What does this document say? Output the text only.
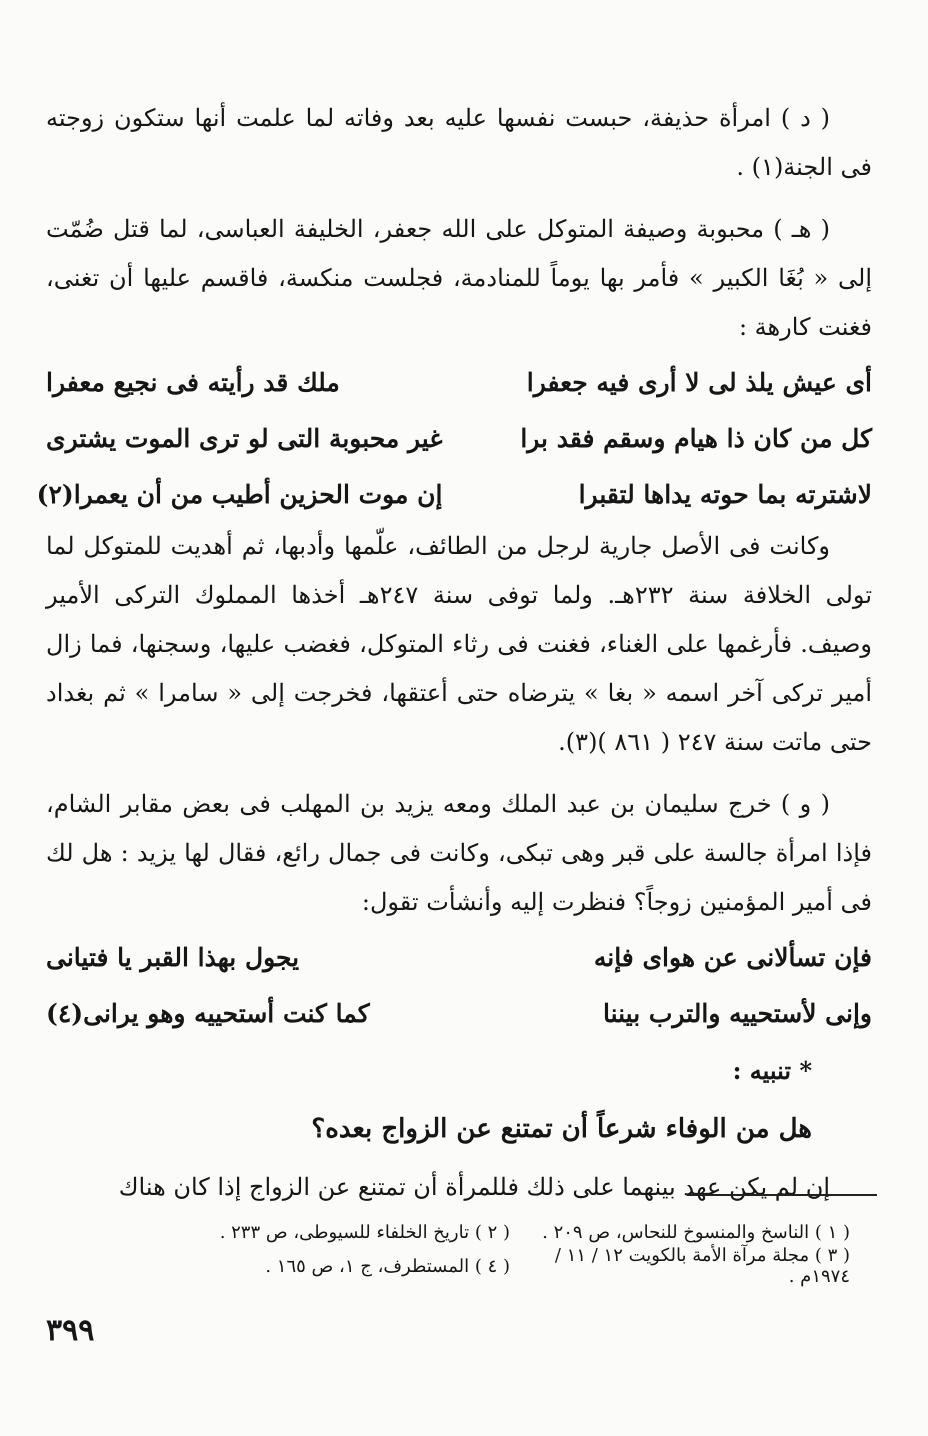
( د ) امرأة حذيفة، حبست نفسها عليه بعد وفاته لما علمت أنها ستكون زوجته فى الجنة(١) .

( هـ ) محبوبة وصيفة المتوكل على الله جعفر، الخليفة العباسى، لما قتل ضُمّت إلى « بُغَا الكبير » فأمر بها يوماً للمنادمة، فجلست منكسة، فاقسم عليها أن تغنى، فغنت كارهة :

أى عيش يلذ لى لا أرى فيه جعفرا
ملك قد رأيته فى نجيع معفرا
كل من كان ذا هيام وسقم فقد برا
غير محبوبة التى لو ترى الموت يشترى
لاشترته بما حوته يداها لتقبرا
إن موت الحزين أطيب من أن يعمرا(٢)

وكانت فى الأصل جارية لرجل من الطائف، علّمها وأدبها، ثم أهديت للمتوكل لما تولى الخلافة سنة ٢٣٢هـ. ولما توفى سنة ٢٤٧هـ أخذها المملوك التركى الأمير وصيف. فأرغمها على الغناء، فغنت فى رثاء المتوكل، فغضب عليها، وسجنها، فما زال أمير تركى آخر اسمه « بغا » يترضاه حتى أعتقها، فخرجت إلى « سامرا » ثم بغداد حتى ماتت سنة ٢٤٧ ( ٨٦١ )(٣).

( و ) خرج سليمان بن عبد الملك ومعه يزيد بن المهلب فى بعض مقابر الشام، فإذا امرأة جالسة على قبر وهى تبكى، وكانت فى جمال رائع، فقال لها يزيد : هل لك فى أمير المؤمنين زوجاً؟ فنظرت إليه وأنشأت تقول:

فإن تسألانى عن هواى فإنه
يجول بهذا القبر يا فتيانى
وإنى لأستحييه والترب بيننا
كما كنت أستحييه وهو يرانى(٤)
* تنبيه :
هل من الوفاء شرعاً أن تمتنع عن الزواج بعده؟

إن لم يكن عهد بينهما على ذلك فللمرأة أن تمتنع عن الزواج إذا كان هناك

( ١ ) الناسخ والمنسوخ للنحاس، ص ٢٠٩ .
( ٢ ) تاريخ الخلفاء للسيوطى، ص ٢٣٣ .
( ٣ ) مجلة مرآة الأمة بالكويت ١٢ / ١١ / ١٩٧٤م .
( ٤ ) المستطرف، ج ١، ص ١٦٥ .
٣٩٩
